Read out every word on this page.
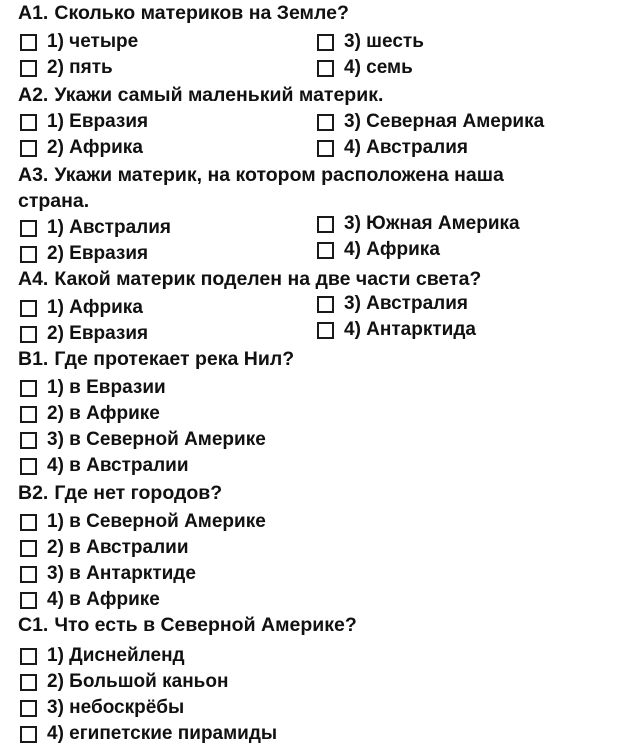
A1. Сколько материков на Земле?
1) четыре
2) пять
3) шесть
4) семь
A2. Укажи самый маленький материк.
1) Евразия
2) Африка
3) Северная Америка
4) Австралия
A3. Укажи материк, на котором расположена наша
страна.
1) Австралия
2) Евразия
3) Южная Америка
4) Африка
A4. Какой материк поделен на две части света?
1) Африка
2) Евразия
3) Австралия
4) Антарктида
B1. Где протекает река Нил?
1) в Евразии
2) в Африке
3) в Северной Америке
4) в Австралии
B2. Где нет городов?
1) в Северной Америке
2) в Австралии
3) в Антарктиде
4) в Африке
C1. Что есть в Северной Америке?
1) Диснейленд
2) Большой каньон
3) небоскрёбы
4) египетские пирамиды
